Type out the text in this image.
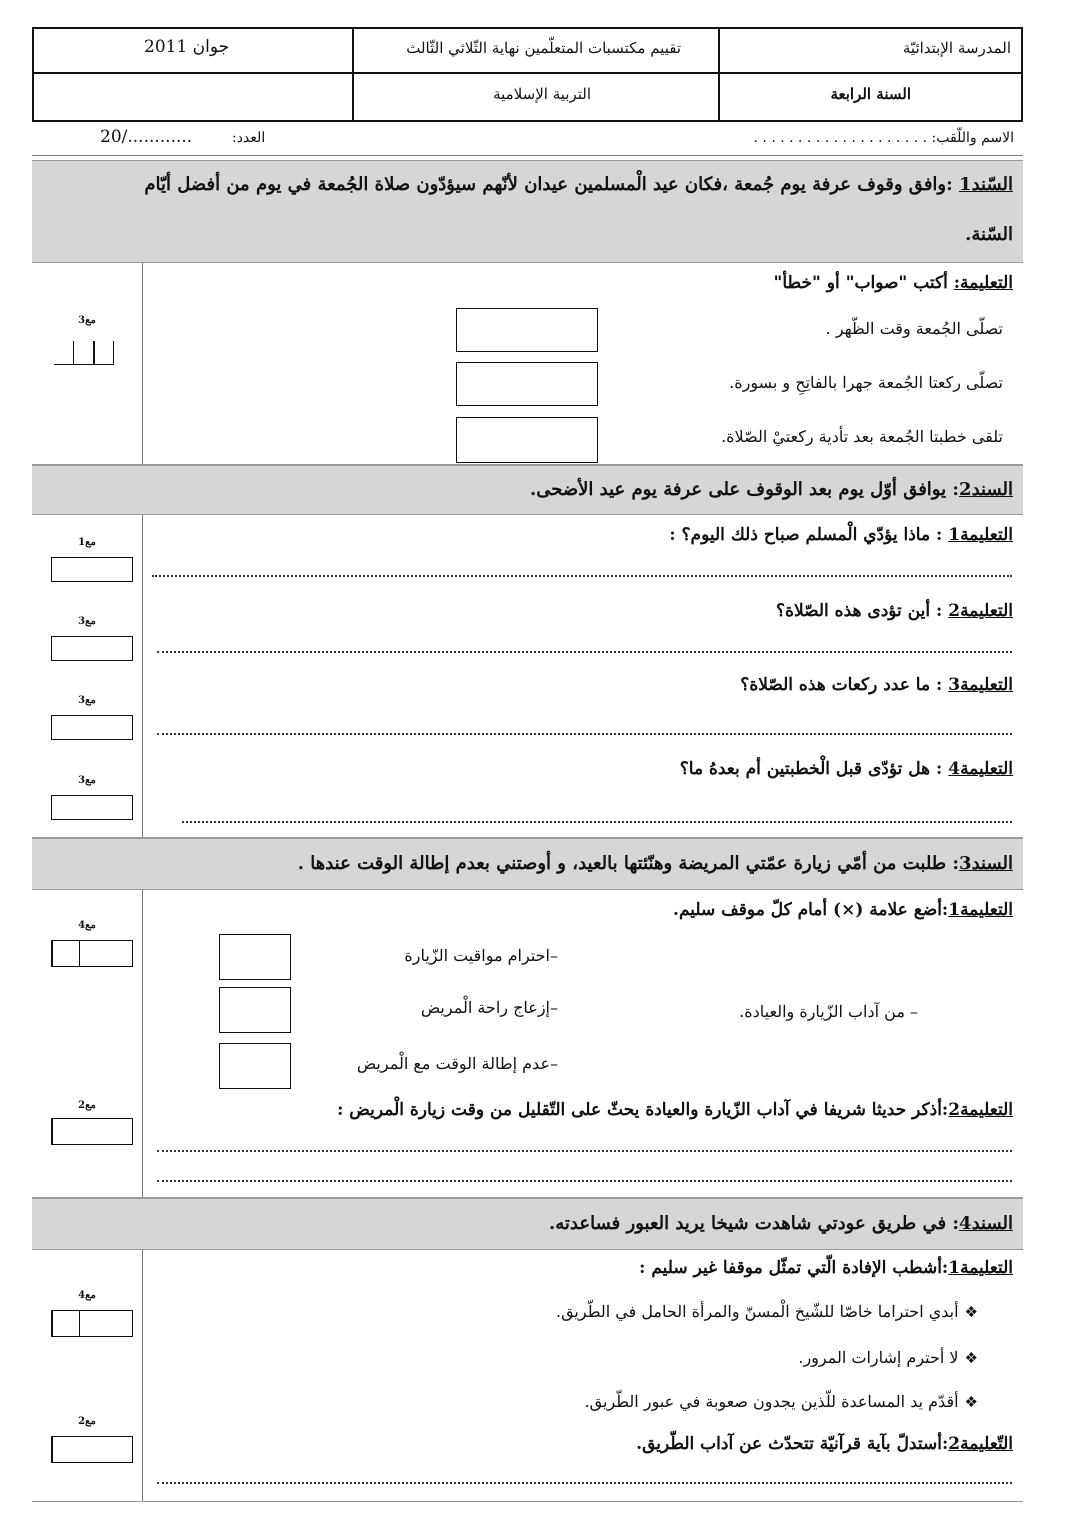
المدرسة الإبتدائيّة
تقييم مكتسبات المتعلّمين نهاية الثّلاثي الثّالث
جوان 2011
السنة الرابعة
التربية الإسلامية
الاسم واللّقب: . . . . . . . . . . . . . . . . . . . .
العدد:
20/............
السّند1 :وافق وقوف عرفة يوم جُمعة ،فكان عيد الْمسلمين عيدان لأنّهم سيؤدّون صلاة الجُمعة في يوم من أفضل أيّام
السّنة.
التعليمة: أكتب "صواب" أو "خطأ"
تصلّى الجُمعة وقت الظّهر .
تصلّى ركعتا الجُمعة جهرا بالفاتِحِ و بسورة.
تلقى خطبتا الجُمعة بعد تأدية ركعتيْ الصّلاة.
مع3
السند2: يوافق أوّل يوم بعد الوقوف على عرفة يوم عيد الأضحى.
التعليمة1 : ماذا يؤدّي الْمسلم صباح ذلك اليوم؟ :
مع1
التعليمة2 : أين تؤدى هذه الصّلاة؟
مع3
التعليمة3 : ما عدد ركعات هذه الصّلاة؟
مع3
التعليمة4 : هل تؤدّى قبل الْخطبتين أم بعدهُ ما؟
مع3
السند3: طلبت من أمّي زيارة عمّتي المريضة وهنّئتها بالعيد، و أوصتني بعدم إطالة الوقت عندها .
التعليمة1:أضع علامة (×) أمام كلّ موقف سليم.
مع4
–احترام مواقيت الزّيارة
–إزعاج راحة الْمريض
–عدم إطالة الوقت مع الْمريض
– من آداب الزّيارة والعيادة.
التعليمة2:أذكر حديثا شريفا في آداب الزّيارة والعيادة يحثّ على التّقليل من وقت زيارة الْمريض :
مع2
السند4: في طريق عودتي شاهدت شيخا يريد العبور فساعدته.
التعليمة1:أشطب الإفادة الّتي تمثّل موقفا غير سليم :
مع4
❖أبدي احتراما خاصّا للشّيخ الْمسنّ والمرأة الحامل في الطّريق.
❖لا أحترم إشارات المرور.
❖أقدّم يد المساعدة للّذين يجدون صعوبة في عبور الطّريق.
التّعليمة2:أستدلّ بآية قرآنيّة تتحدّث عن آداب الطّريق.
مع2
